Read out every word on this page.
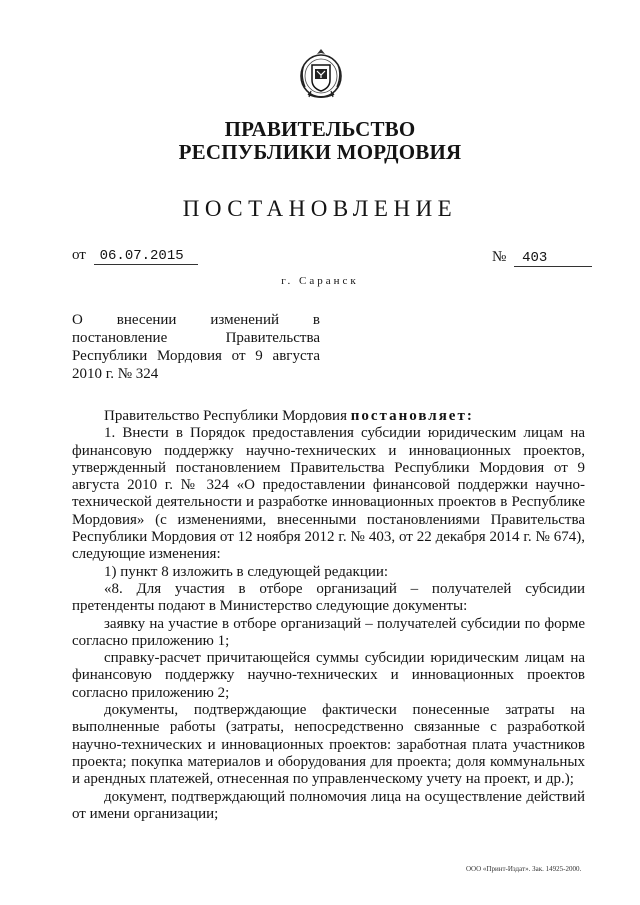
ПРАВИТЕЛЬСТВО
РЕСПУБЛИКИ МОРДОВИЯ
ПОСТАНОВЛЕНИЕ
от 06.07.2015	№ 403
г. Саранск
О внесении изменений в постановление Правительства Республики Мордовия от 9 августа 2010 г. № 324

Правительство Республики Мордовия постановляет:

1. Внести в Порядок предоставления субсидии юридическим лицам на финансовую поддержку научно-технических и инновационных проектов, утвержденный постановлением Правительства Республики Мордовия от 9 августа 2010 г. № 324 «О предоставлении финансовой поддержки научно-технической деятельности и разработке инновационных проектов в Республике Мордовия» (с изменениями, внесенными постановлениями Правительства Республики Мордовия от 12 ноября 2012 г. № 403, от 22 декабря 2014 г. № 674), следующие изменения:

1) пункт 8 изложить в следующей редакции:

«8. Для участия в отборе организаций – получателей субсидии претенденты подают в Министерство следующие документы:

заявку на участие в отборе организаций – получателей субсидии по форме согласно приложению 1;

справку-расчет причитающейся суммы субсидии юридическим лицам на финансовую поддержку научно-технических и инновационных проектов согласно приложению 2;

документы, подтверждающие фактически понесенные затраты на выполненные работы (затраты, непосредственно связанные с разработкой научно-технических и инновационных проектов: заработная плата участников проекта; покупка материалов и оборудования для проекта; доля коммунальных и арендных платежей, отнесенная по управленческому учету на проект, и др.);

документ, подтверждающий полномочия лица на осуществление действий от имени организации;

ООО «Принт-Издат». Зак. 14925-2000.
